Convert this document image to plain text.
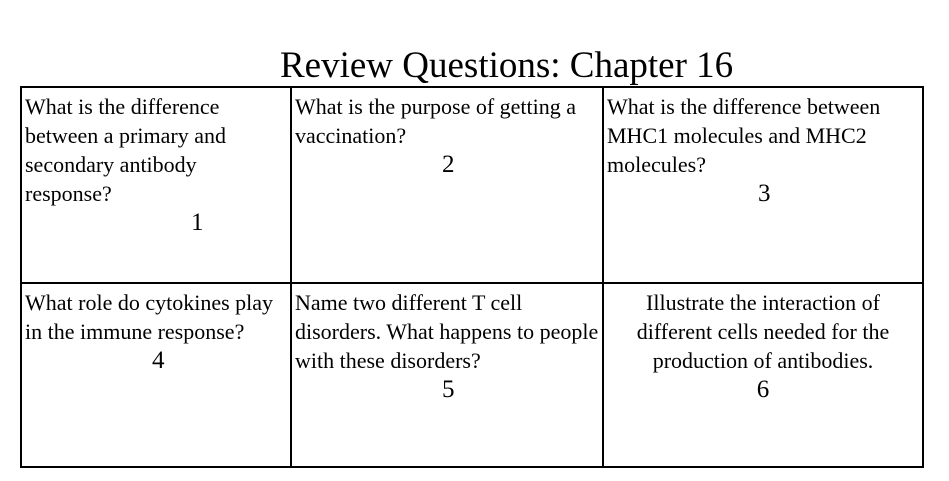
Review Questions: Chapter 16
What is the difference between a primary and secondary antibody response?
1
What is the purpose of getting a vaccination?
2
What is the difference between MHC1 molecules and MHC2 molecules?
3
What role do cytokines play in the immune response?
4
Name two different T cell disorders. What happens to people with these disorders?
5
Illustrate the interaction of different cells needed for the production of antibodies.
6
